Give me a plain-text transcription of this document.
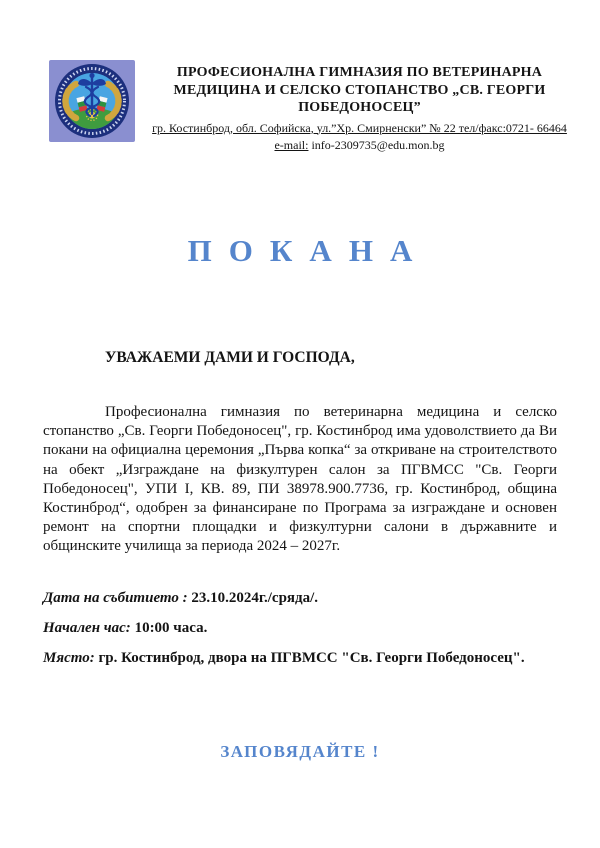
ПРОФЕСИОНАЛНА ГИМНАЗИЯ ПО ВЕТЕРИНАРНА
МЕДИЦИНА И СЕЛСКО СТОПАНСТВО „СВ. ГЕОРГИ
ПОБЕДОНОСЕЦ”
гр. Костинброд, обл. Софийска, ул.”Хр. Смирненски” № 22 тел/факс:0721- 66464
e-mail: info-2309735@edu.mon.bg
ПОКАНА
УВАЖАЕМИ ДАМИ И ГОСПОДА,
Професионална гимназия по ветеринарна медицина и селско стопанство „Св. Георги Победоносец", гр. Костинброд има удоволствието да Ви покани на официална церемония „Първа копка“ за откриване на строителството на обект „Изграждане на физкултурен салон за ПГВМСС "Св. Георги Победоносец", УПИ I, КВ. 89, ПИ 38978.900.7736, гр. Костинброд, община Костинброд“, одобрен за финансиране по Програма за изграждане и основен ремонт на спортни площадки и физкултурни салони в държавните и общинските училища за периода 2024 – 2027г.
Дата на събитието : 23.10.2024г./сряда/.
Начален час: 10:00 часа.
Място: гр. Костинброд, двора на ПГВМСС "Св. Георги Победоносец".
ЗАПОВЯДАЙТЕ !
